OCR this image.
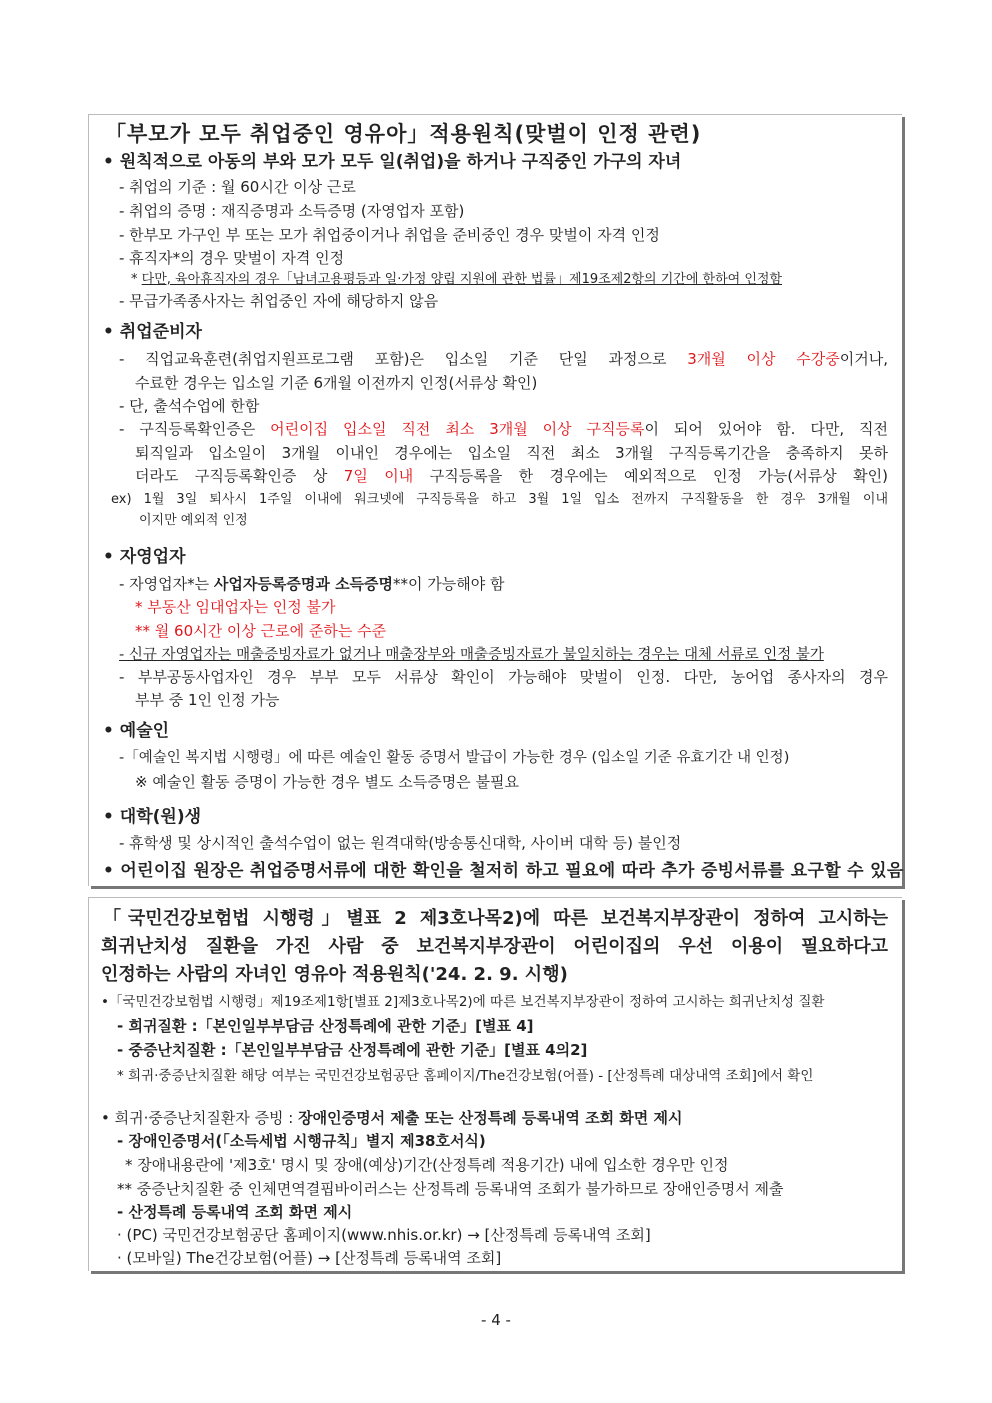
「부모가 모두 취업중인 영유아」적용원칙(맞벌이 인정 관련)
• 원칙적으로 아동의 부와 모가 모두 일(취업)을 하거나 구직중인 가구의 자녀
- 취업의 기준 : 월 60시간 이상 근로
- 취업의 증명 : 재직증명과 소득증명 (자영업자 포함)
- 한부모 가구인 부 또는 모가 취업중이거나 취업을 준비중인 경우 맞벌이 자격 인정
- 휴직자*의 경우 맞벌이 자격 인정
* 다만, 육아휴직자의 경우「남녀고용평등과 일·가정 양립 지원에 관한 법률」제19조제2항의 기간에 한하여 인정함
- 무급가족종사자는 취업중인 자에 해당하지 않음
• 취업준비자
- 직업교육훈련(취업지원프로그램 포함)은 입소일 기준 단일 과정으로 3개월 이상 수강중이거나,
수료한 경우는 입소일 기준 6개월 이전까지 인정(서류상 확인)
- 단, 출석수업에 한함
- 구직등록확인증은 어린이집 입소일 직전 최소 3개월 이상 구직등록이 되어 있어야 함. 다만, 직전
퇴직일과 입소일이 3개월 이내인 경우에는 입소일 직전 최소 3개월 구직등록기간을 충족하지 못하
더라도 구직등록확인증 상 7일 이내 구직등록을 한 경우에는 예외적으로 인정 가능(서류상 확인)
ex) 1월 3일 퇴사시 1주일 이내에 워크넷에 구직등록을 하고 3월 1일 입소 전까지 구직활동을 한 경우 3개월 이내
이지만 예외적 인정
• 자영업자
- 자영업자*는 사업자등록증명과 소득증명**이 가능해야 함
* 부동산 임대업자는 인정 불가
** 월 60시간 이상 근로에 준하는 수준
- 신규 자영업자는 매출증빙자료가 없거나 매출장부와 매출증빙자료가 불일치하는 경우는 대체 서류로 인정 불가
- 부부공동사업자인 경우 부부 모두 서류상 확인이 가능해야 맞벌이 인정. 다만, 농어업 종사자의 경우
부부 중 1인 인정 가능
• 예술인
-「예술인 복지법 시행령」에 따른 예술인 활동 증명서 발급이 가능한 경우 (입소일 기준 유효기간 내 인정)
※ 예술인 활동 증명이 가능한 경우 별도 소득증명은 불필요
• 대학(원)생
- 휴학생 및 상시적인 출석수업이 없는 원격대학(방송통신대학, 사이버 대학 등) 불인정
• 어린이집 원장은 취업증명서류에 대한 확인을 철저히 하고 필요에 따라 추가 증빙서류를 요구할 수 있음
「국민건강보험법 시행령」별표 2 제3호나목2)에 따른 보건복지부장관이 정하여 고시하는
희귀난치성 질환을 가진 사람 중 보건복지부장관이 어린이집의 우선 이용이 필요하다고
인정하는 사람의 자녀인 영유아 적용원칙('24. 2. 9. 시행)
•「국민건강보험법 시행령」제19조제1항[별표 2]제3호나목2)에 따른 보건복지부장관이 정하여 고시하는 희귀난치성 질환
- 희귀질환 :「본인일부부담금 산정특례에 관한 기준」[별표 4]
- 중증난치질환 :「본인일부부담금 산정특례에 관한 기준」[별표 4의2]
* 희귀·중증난치질환 해당 여부는 국민건강보험공단 홈페이지/The건강보험(어플) - [산정특례 대상내역 조회]에서 확인
• 희귀·중증난치질환자 증빙 : 장애인증명서 제출 또는 산정특례 등록내역 조회 화면 제시
- 장애인증명서(「소득세법 시행규칙」별지 제38호서식)
* 장애내용란에 '제3호' 명시 및 장애(예상)기간(산정특례 적용기간) 내에 입소한 경우만 인정
** 중증난치질환 중 인체면역결핍바이러스는 산정특례 등록내역 조회가 불가하므로 장애인증명서 제출
- 산정특례 등록내역 조회 화면 제시
· (PC) 국민건강보험공단 홈페이지(www.nhis.or.kr) → [산정특례 등록내역 조회]
· (모바일) The건강보험(어플) → [산정특례 등록내역 조회]
- 4 -
